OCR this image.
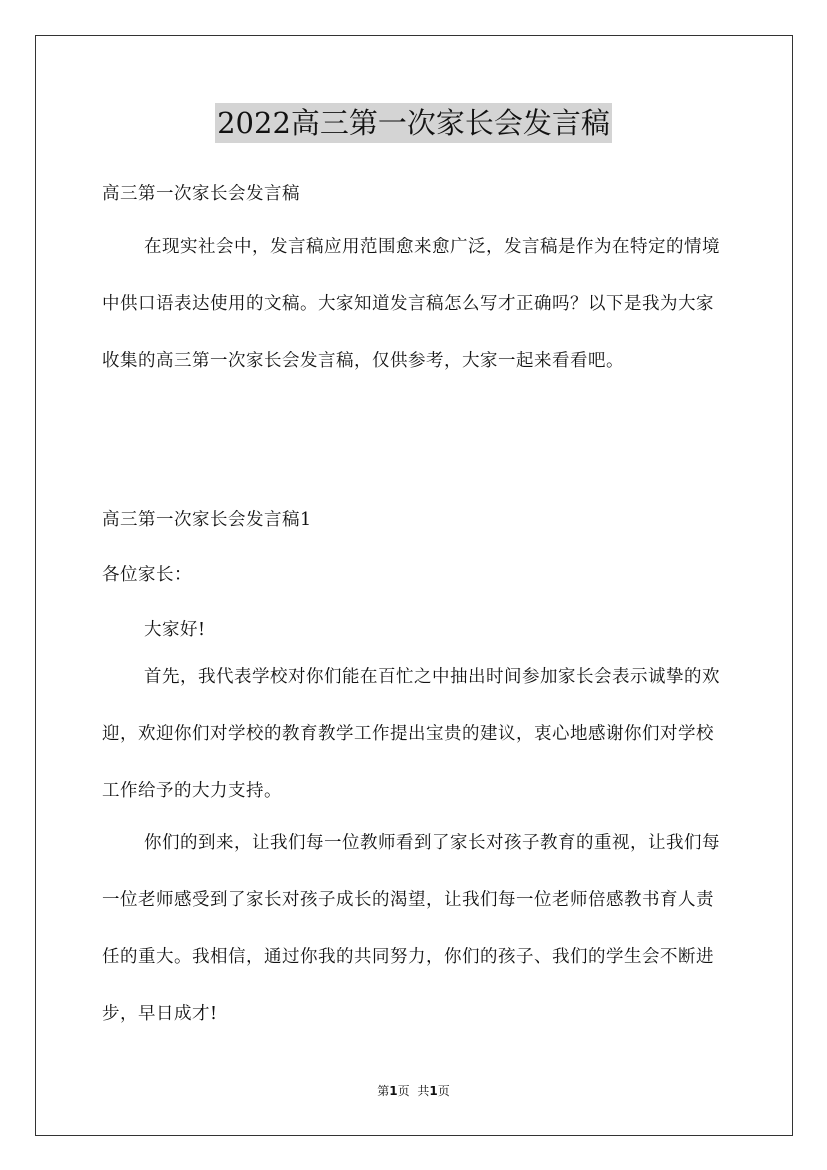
2022高三第一次家长会发言稿

高三第一次家长会发言稿

在现实社会中，发言稿应用范围愈来愈广泛，发言稿是作为在特定的情境中供口语表达使用的文稿。大家知道发言稿怎么写才正确吗？以下是我为大家收集的高三第一次家长会发言稿，仅供参考，大家一起来看看吧。

高三第一次家长会发言稿1

各位家长：

大家好!

首先，我代表学校对你们能在百忙之中抽出时间参加家长会表示诚挚的欢迎，欢迎你们对学校的教育教学工作提出宝贵的建议，衷心地感谢你们对学校工作给予的大力支持。

你们的到来，让我们每一位教师看到了家长对孩子教育的重视，让我们每一位老师感受到了家长对孩子成长的渴望，让我们每一位老师倍感教书育人责任的重大。我相信，通过你我的共同努力，你们的孩子、我们的学生会不断进步，早日成才!

第1页 共1页
